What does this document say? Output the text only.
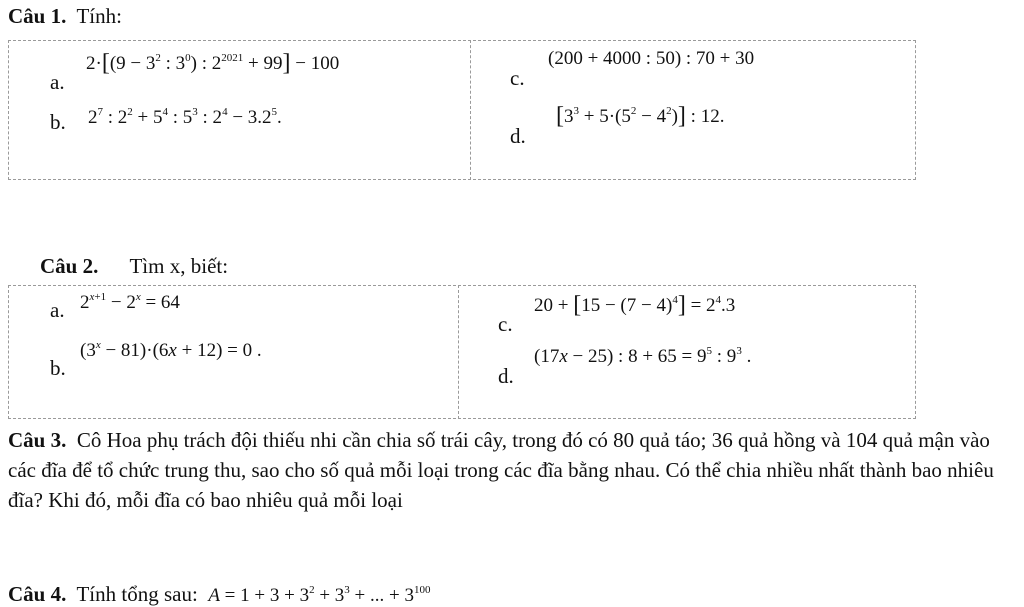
Câu 1. Tính:
a.
$2\cdot[(9 - 3^2$ : $3^0$) : $2^{2021} + 99] - 100$
b. $2^7$ : $2^2 + 5^4$ : $5^3$ : $2^4 - 3.2^5$.
c.
(200 + 4000 : 50) : 70 + 30
d.
$[3^3 + 5\cdot(5^2 - 4^2)]$ : 12.
Câu 2. Tìm x, biết:
a. $2^{x+1} - 2^x = 64$
b.
$(3^x - 81)\cdot(6x + 12) = 0$ .
c.
$20 + [15 - (7 - 4)^4] = 2^4.3$
d.
(17x − 25) : $8 + 65 = 9^5$ : $9^3$ .
Câu 3. Cô Hoa phụ trách đội thiếu nhi cần chia số trái cây, trong đó có 80 quả táo; 36 quả hồng và 104 quả mận vào các đĩa để tổ chức trung thu, sao cho số quả mỗi loại trong các đĩa bằng nhau. Có thể chia nhiều nhất thành bao nhiêu đĩa? Khi đó, mỗi đĩa có bao nhiêu quả mỗi loại
Câu 4. Tính tổng sau: $A = 1 + 3 + 3^2 + 3^3$ + ... + $3^{100}$
